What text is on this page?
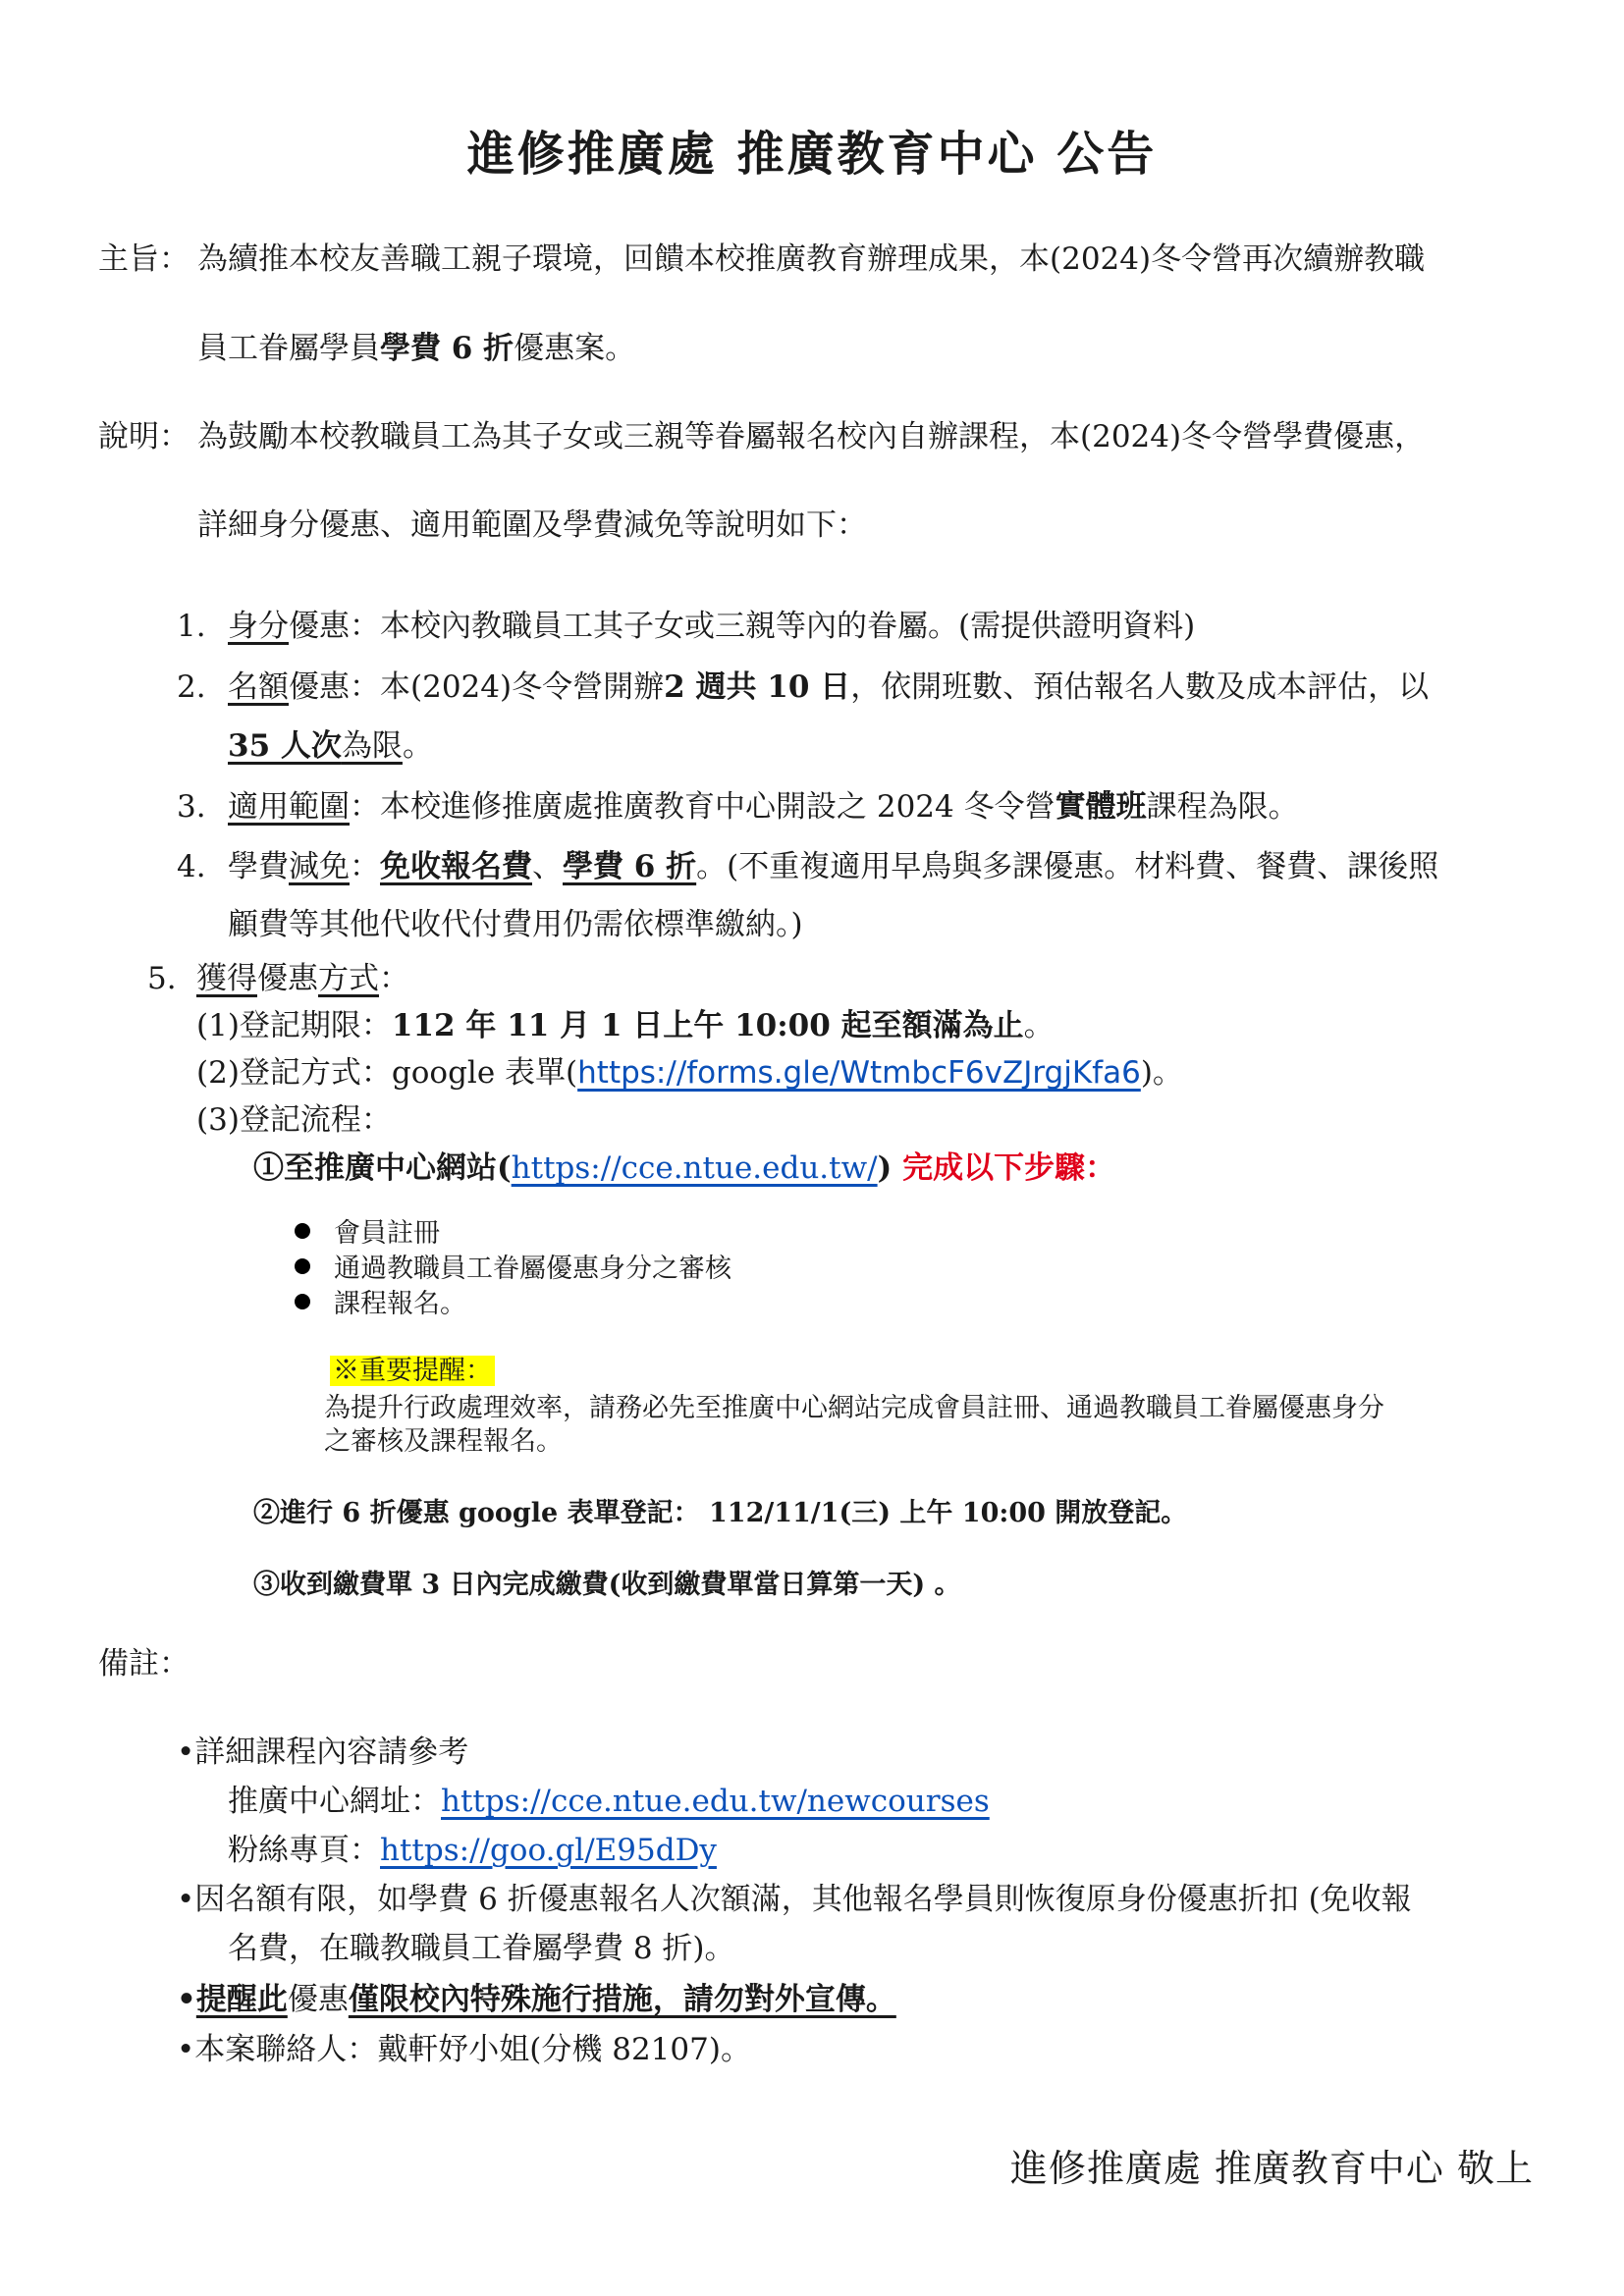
進修推廣處 推廣教育中心 公告
主旨： 為續推本校友善職工親子環境，回饋本校推廣教育辦理成果，本(2024)冬令營再次續辦教職
員工眷屬學員學費 6 折優惠案。
說明： 為鼓勵本校教職員工為其子女或三親等眷屬報名校內自辦課程，本(2024)冬令營學費優惠，
詳細身分優惠、適用範圍及學費減免等說明如下：
1. 身分優惠：本校內教職員工其子女或三親等內的眷屬。(需提供證明資料)
2. 名額優惠：本(2024)冬令營開辦2 週共 10 日，依開班數、預估報名人數及成本評估，以
35 人次為限。
3. 適用範圍：本校進修推廣處推廣教育中心開設之 2024 冬令營實體班課程為限。
4. 學費減免：免收報名費、學費 6 折。(不重複適用早鳥與多課優惠。材料費、餐費、課後照
顧費等其他代收代付費用仍需依標準繳納。)
5. 獲得優惠方式：
(1)登記期限：112 年 11 月 1 日上午 10:00 起至額滿為止。
(2)登記方式：google 表單(https://forms.gle/WtmbcF6vZJrgjKfa6)。
(3)登記流程：
➀至推廣中心網站(https://cce.ntue.edu.tw/) 完成以下步驟：
會員註冊
通過教職員工眷屬優惠身分之審核
課程報名。
※重要提醒：
為提升行政處理效率，請務必先至推廣中心網站完成會員註冊、通過教職員工眷屬優惠身分
之審核及課程報名。
➁進行 6 折優惠 google 表單登記： 112/11/1(三) 上午 10:00 開放登記。
➂收到繳費單 3 日內完成繳費(收到繳費單當日算第一天) 。
備註：
•詳細課程內容請參考
推廣中心網址：https://cce.ntue.edu.tw/newcourses
粉絲專頁：https://goo.gl/E95dDy
•因名額有限，如學費 6 折優惠報名人次額滿，其他報名學員則恢復原身份優惠折扣 (免收報
名費，在職教職員工眷屬學費 8 折)。
•提醒此優惠僅限校內特殊施行措施，請勿對外宣傳。
•本案聯絡人：戴軒妤小姐(分機 82107)。
進修推廣處 推廣教育中心 敬上
